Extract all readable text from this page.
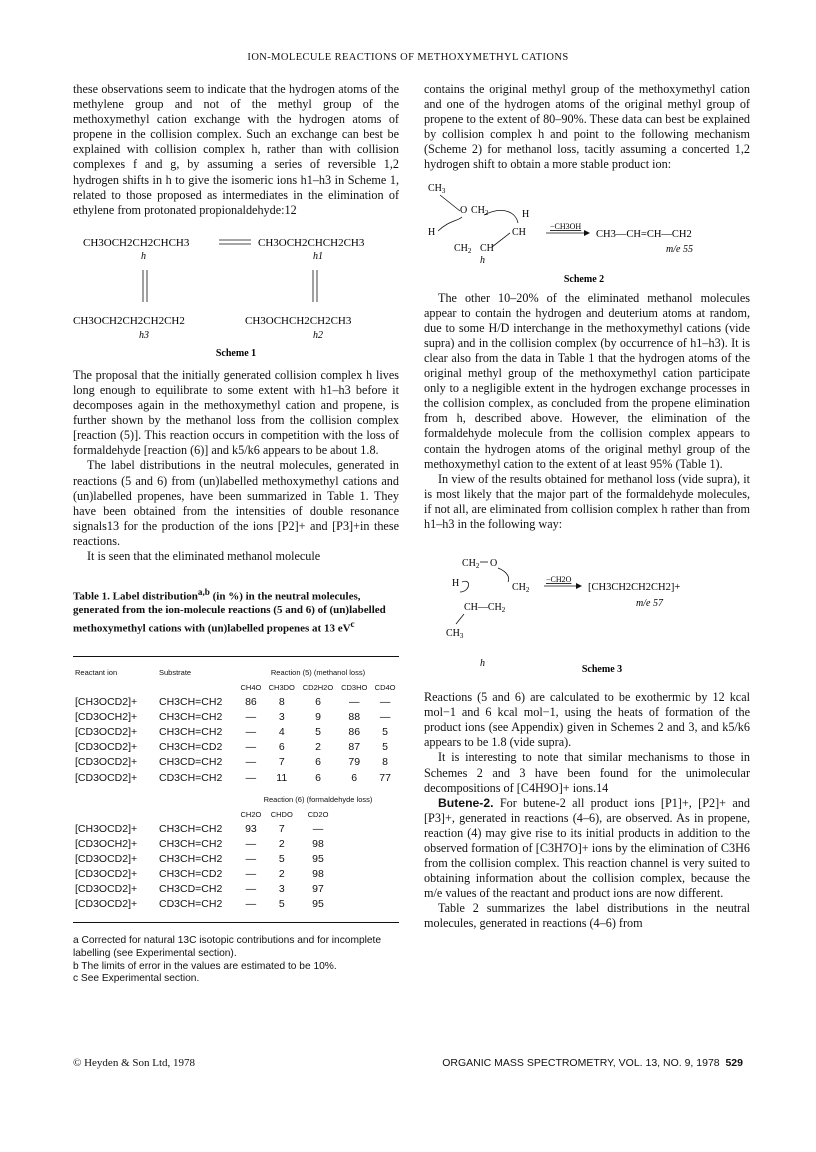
ION-MOLECULE REACTIONS OF METHOXYMETHYL CATIONS

these observations seem to indicate that the hydrogen atoms of the methylene group and not of the methyl group of the methoxymethyl cation exchange with the hydrogen atoms of propene in the collision complex. Such an exchange can best be explained with collision complex h, rather than with collision complexes f and g, by assuming a series of reversible 1,2 hydrogen shifts in h to give the isomeric ions h1–h3 in Scheme 1, related to those proposed as intermediates in the elimination of ethylene from protonated propionaldehyde:12

CH3OCH2CH2CHCH3	CH3OCH2CHCH2CH3
h	h1
CH3OCH2CH2CH2CH2	CH3OCHCH2CH2CH3
h3	h2
Scheme 1

The proposal that the initially generated collision complex h lives long enough to equilibrate to some extent with h1–h3 before it decomposes again in the methoxymethyl cation and propene, is further shown by the methanol loss from the collision complex [reaction (5)]. This reaction occurs in competition with the loss of formaldehyde [reaction (6)] and k5/k6 appears to be about 1.8.

The label distributions in the neutral molecules, generated in reactions (5 and 6) from (un)labelled methoxymethyl cations and (un)labelled propenes, have been summarized in Table 1. They have been obtained from the intensities of double resonance signals13 for the production of the ions [P2]+ and [P3]+in these reactions.

It is seen that the eliminated methanol molecule

Table 1. Label distribution$^{a,b}$ (in %) in the neutral molecules, generated from the ion-molecule reactions (5 and 6) of (un)labelled methoxymethyl cations with (un)labelled propenes at 13 $eV^c$
Reactant ion	Substrate	Reaction (5) (methanol loss)				
		CH4O	CH3DO	CD2H2O	CD3HO	CD4O
[CH3OCD2]+	CH3CH=CH2	86	8	6	—	—
[CD3OCH2]+	CH3CH=CH2	—	3	9	88	—
[CD3OCD2]+	CH3CH=CH2	—	4	5	86	5
[CD3OCD2]+	CH3CH=CD2	—	6	2	87	5
[CD3OCD2]+	CH3CD=CH2	—	7	6	79	8
[CD3OCD2]+	CD3CH=CH2	—	11	6	6	77
		Reaction (6) (formaldehyde loss)				
		CH2O	CHDO	CD2O		
[CH3OCD2]+	CH3CH=CH2	93	7	—		
[CD3OCH2]+	CH3CH=CH2	—	2	98		
[CD3OCD2]+	CH3CH=CH2	—	5	95		
[CD3OCD2]+	CH3CH=CD2	—	2	98		
[CD3OCD2]+	CH3CD=CH2	—	3	97		
[CD3OCD2]+	CD3CH=CH2	—	5	95		
a Corrected for natural 13C isotopic contributions and for incomplete labelling (see Experimental section).
b The limits of error in the values are estimated to be 10%.
c See Experimental section.

contains the original methyl group of the methoxymethyl cation and one of the hydrogen atoms of the original methyl group of propene to the extent of 80–90%. These data can best be explained by collision complex h and point to the following mechanism (Scheme 2) for methanol loss, tacitly assuming a concerted 1,2 hydrogen shift to obtain a more stable product ion:

$CH_3$
O $CH_2$	H
H	CH
$CH_2$ CH
h
−CH3OH
CH3—CH=CH—CH2
m/e 55
Scheme 2

The other 10–20% of the eliminated methanol molecules appear to contain the hydrogen and deuterium atoms at random, due to some H/D interchange in the methoxymethyl cations (vide supra) and in the collision complex (by occurrence of h1–h3). It is clear also from the data in Table 1 that the hydrogen atoms of the original methyl group of the methoxymethyl cation participate only to a negligible extent in the hydrogen exchange processes in the collision complex, as concluded from the propene elimination from h, described above. However, the elimination of the formaldehyde molecule from the collision complex appears to contain the hydrogen atoms of the original methyl group of the methoxymethyl cation to the extent of at least 95% (Table 1).

In view of the results obtained for methanol loss (vide supra), it is most likely that the major part of the formaldehyde molecules, if not all, are eliminated from collision complex h rather than from h1–h3 in the following way:

$CH_2$ O
H	$CH_2$
$CH—CH_2$
$CH_3$
−CH2O
[CH3CH2CH2CH2]+
m/e 57
h
Scheme 3

Reactions (5 and 6) are calculated to be exothermic by 12 kcal mol−1 and 6 kcal mol−1, using the heats of formation of the product ions (see Appendix) given in Schemes 2 and 3, and k5/k6 appears to be 1.8 (vide supra).

It is interesting to note that similar mechanisms to those in Schemes 2 and 3 have been found for the unimolecular decompositions of [C4H9O]+ ions.14

Butene-2. For butene-2 all product ions [P1]+, [P2]+ and [P3]+, generated in reactions (4–6), are observed. As in propene, reaction (4) may give rise to its initial products in addition to the observed formation of [C3H7O]+ ions by the elimination of C3H6 from the collision complex. This reaction channel is very suited to obtaining information about the collision complex, because the m/e values of the reactant and product ions are now different.

Table 2 summarizes the label distributions in the neutral molecules, generated in reactions (4–6) from

© Heyden & Son Ltd, 1978	ORGANIC MASS SPECTROMETRY, VOL. 13, NO. 9, 1978 529
